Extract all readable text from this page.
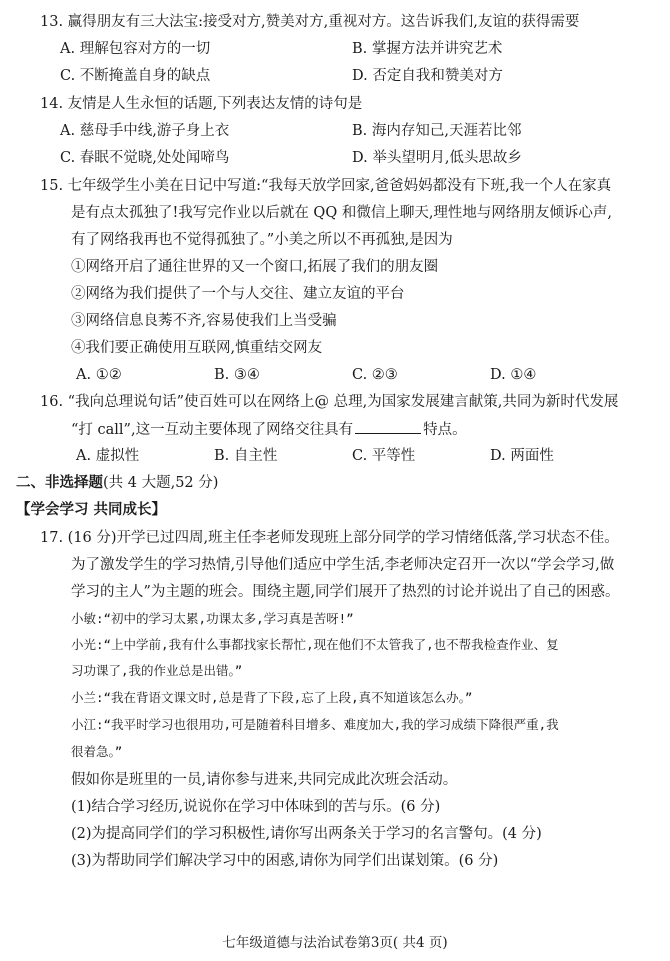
13. 赢得朋友有三大法宝:接受对方,赞美对方,重视对方。这告诉我们,友谊的获得需要
A. 理解包容对方的一切	B. 掌握方法并讲究艺术
C. 不断掩盖自身的缺点	D. 否定自我和赞美对方
14. 友情是人生永恒的话题,下列表达友情的诗句是
A. 慈母手中线,游子身上衣	B. 海内存知己,天涯若比邻
C. 春眠不觉晓,处处闻啼鸟	D. 举头望明月,低头思故乡
15. 七年级学生小美在日记中写道:“我每天放学回家,爸爸妈妈都没有下班,我一个人在家真
是有点太孤独了!我写完作业以后就在 QQ 和微信上聊天,理性地与网络朋友倾诉心声,
有了网络我再也不觉得孤独了。”小美之所以不再孤独,是因为
①网络开启了通往世界的又一个窗口,拓展了我们的朋友圈
②网络为我们提供了一个与人交往、建立友谊的平台
③网络信息良莠不齐,容易使我们上当受骗
④我们要正确使用互联网,慎重结交网友
A. ①②	B. ③④	C. ②③	D. ①④
16. “我向总理说句话”使百姓可以在网络上@ 总理,为国家发展建言献策,共同为新时代发展
“打 call”,这一互动主要体现了网络交往具有	特点。
A. 虚拟性	B. 自主性	C. 平等性	D. 两面性
二、非选择题(共 4 大题,52 分)
【学会学习 共同成长】
17. (16 分)开学已过四周,班主任李老师发现班上部分同学的学习情绪低落,学习状态不佳。
为了激发学生的学习热情,引导他们适应中学生活,李老师决定召开一次以“学会学习,做
学习的主人”为主题的班会。围绕主题,同学们展开了热烈的讨论并说出了自己的困惑。
小敏:“初中的学习太累,功课太多,学习真是苦呀!”
小光:“上中学前,我有什么事都找家长帮忙,现在他们不太管我了,也不帮我检查作业、复
习功课了,我的作业总是出错。”
小兰:“我在背语文课文时,总是背了下段,忘了上段,真不知道该怎么办。”
小江:“我平时学习也很用功,可是随着科目增多、难度加大,我的学习成绩下降很严重,我
很着急。”
假如你是班里的一员,请你参与进来,共同完成此次班会活动。
(1)结合学习经历,说说你在学习中体味到的苦与乐。(6 分)
(2)为提高同学们的学习积极性,请你写出两条关于学习的名言警句。(4 分)
(3)为帮助同学们解决学习中的困惑,请你为同学们出谋划策。(6 分)
七年级道德与法治试卷第3页( 共4 页)
